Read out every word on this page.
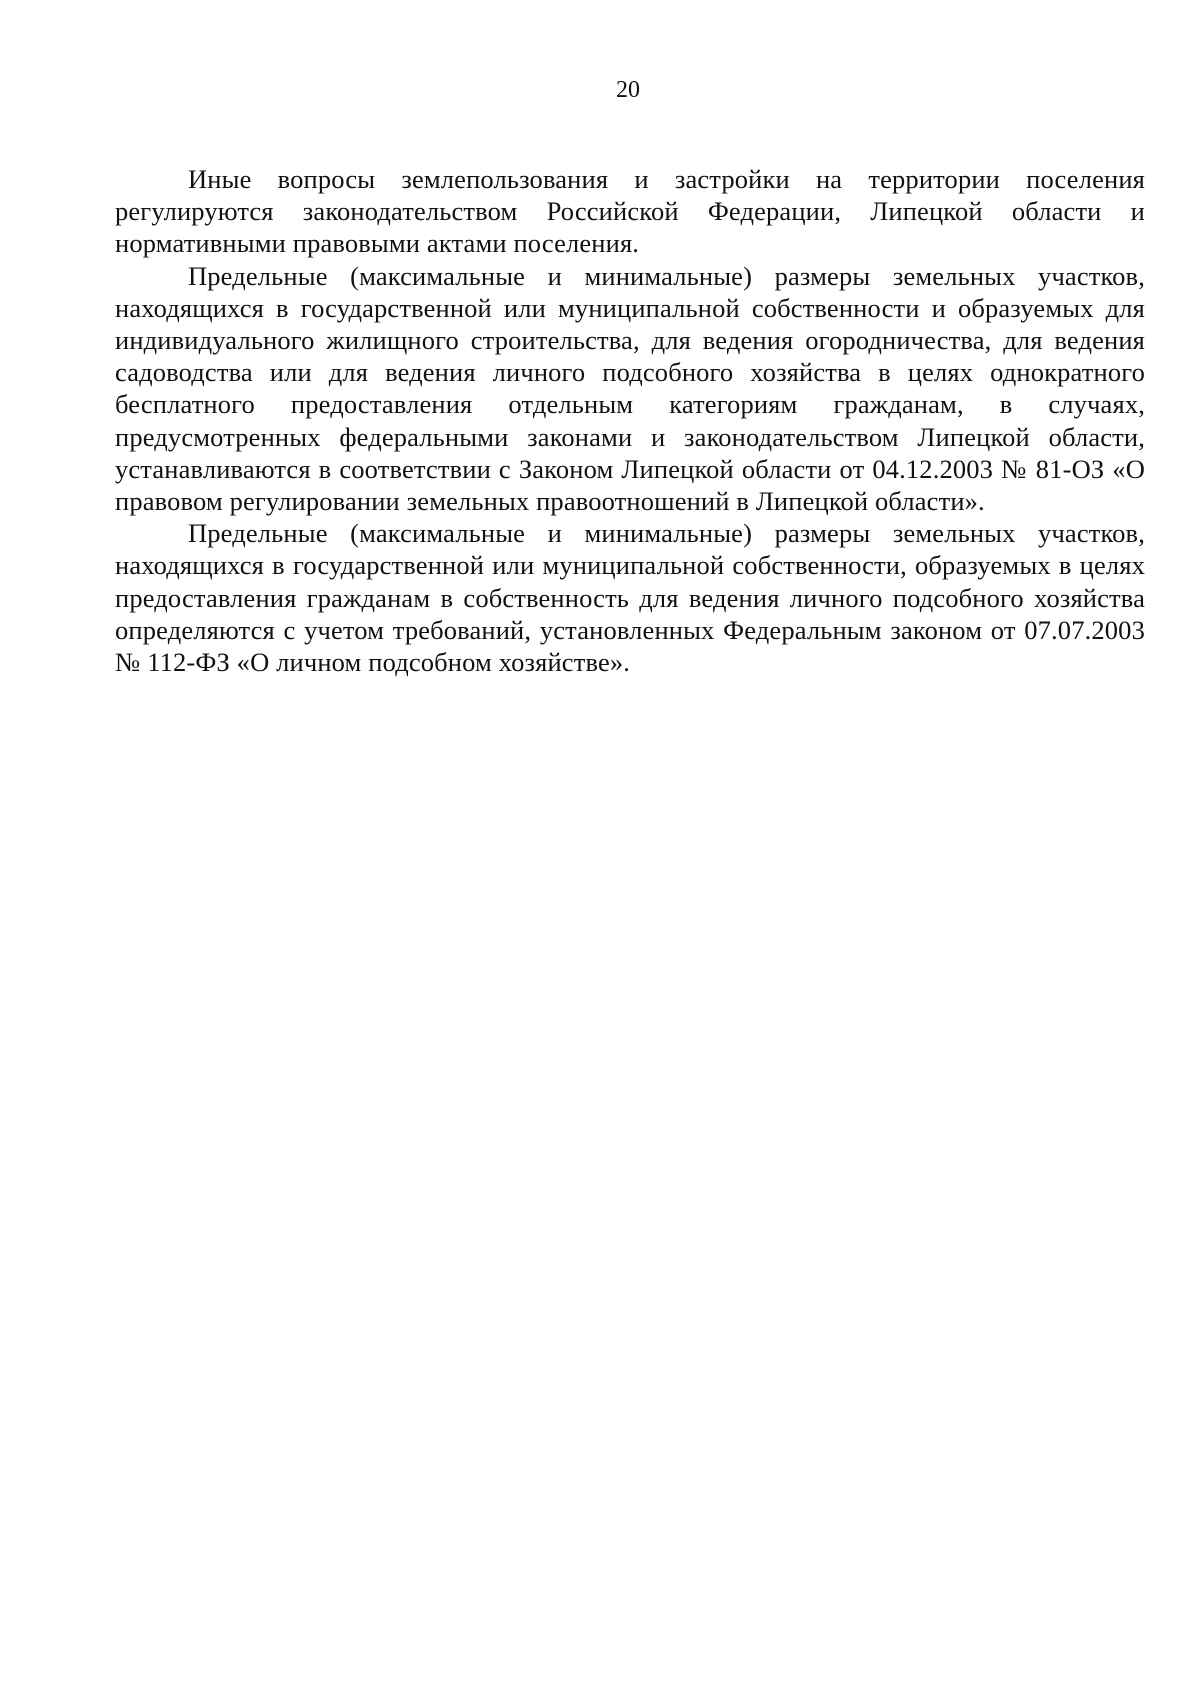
20

Иные вопросы землепользования и застройки на территории поселения регулируются законодательством Российской Федерации, Липецкой области и нормативными правовыми актами поселения.

Предельные (максимальные и минимальные) размеры земельных участков, находящихся в государственной или муниципальной собственности и образуемых для индивидуального жилищного строительства, для ведения огородничества, для ведения садоводства или для ведения личного подсобного хозяйства в целях однократного бесплатного предоставления отдельным категориям гражданам, в случаях, предусмотренных федеральными законами и законодательством Липецкой области, устанавливаются в соответствии с Законом Липецкой области от 04.12.2003 № 81-ОЗ «О правовом регулировании земельных правоотношений в Липецкой области».

Предельные (максимальные и минимальные) размеры земельных участков, находящихся в государственной или муниципальной собственности, образуемых в целях предоставления гражданам в собственность для ведения личного подсобного хозяйства определяются с учетом требований, установленных Федеральным законом от 07.07.2003 № 112-ФЗ «О личном подсобном хозяйстве».
